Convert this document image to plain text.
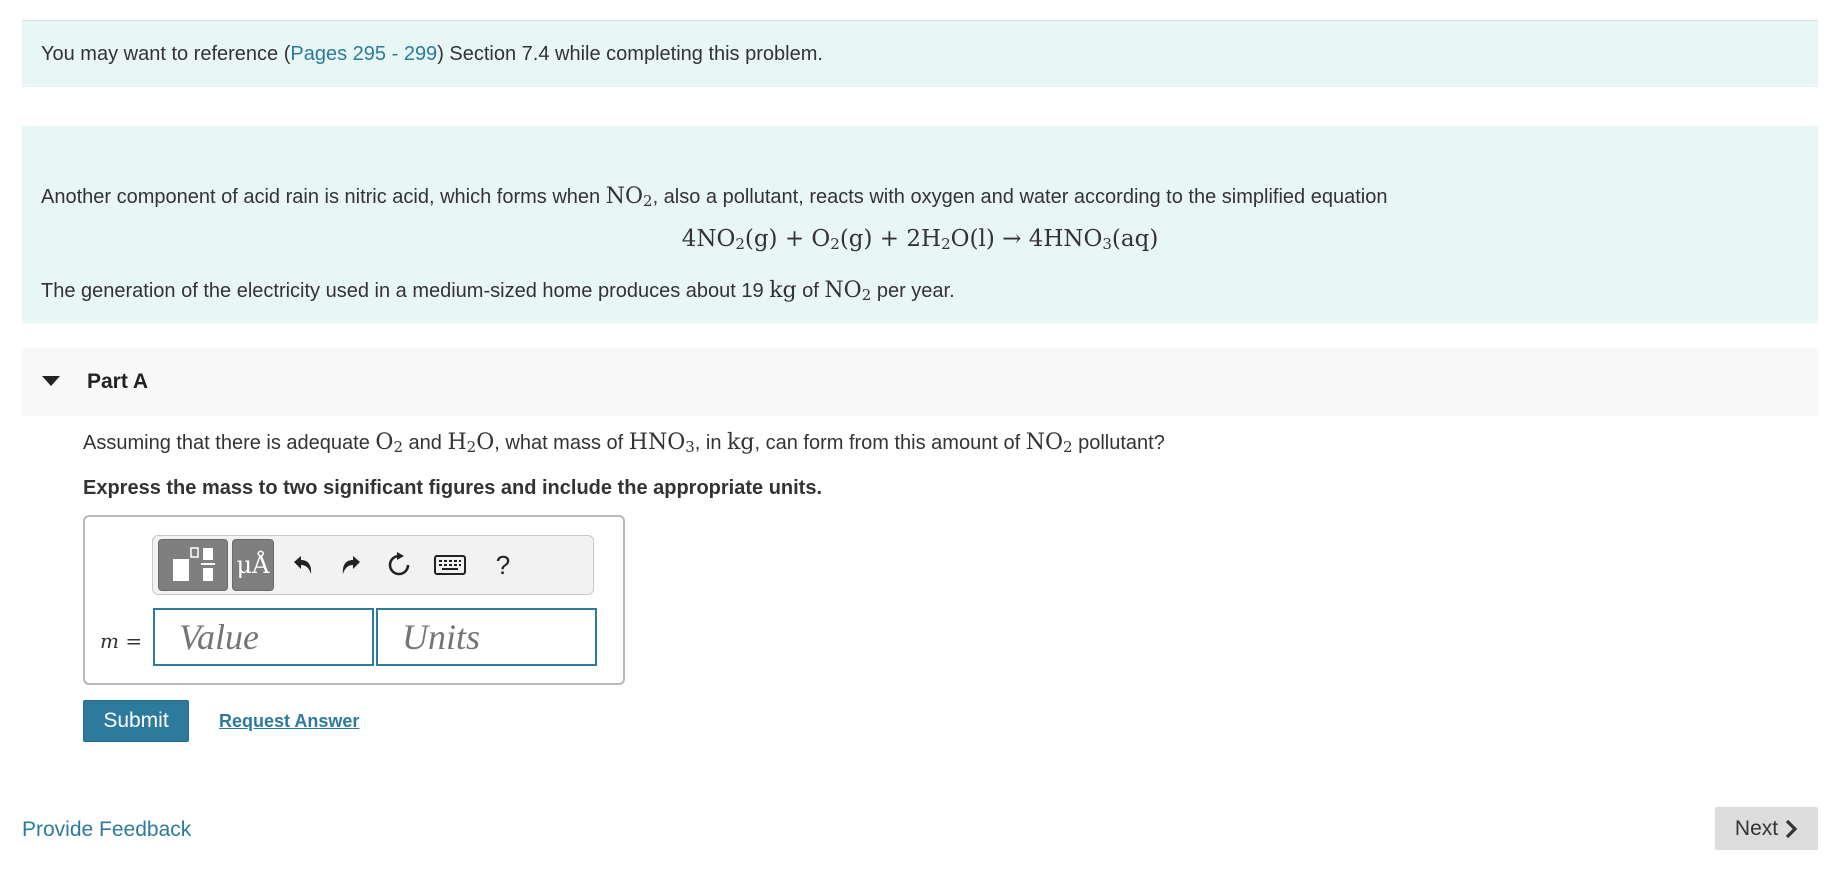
You may want to reference ( Pages 295 - 299 ) Section 7.4 while completing this problem.
Another component of acid rain is nitric acid, which forms when $NO_2$, also a pollutant, reacts with oxygen and water according to the simplified equation
$4NO_2(g) + O_2(g) + 2H_2O(l) \to 4HNO_3(aq)$
The generation of the electricity used in a medium-sized home produces about 19 kg of $NO_2$ per year.
Part A
Assuming that there is adequate $O_2$ and $H_2O$, what mass of $HNO_3$, in kg, can form from this amount of $NO_2$ pollutant?
Express the mass to two significant figures and include the appropriate units.
μÅ	?
m =
Value
Units
Submit	Request Answer
Provide Feedback	Next
